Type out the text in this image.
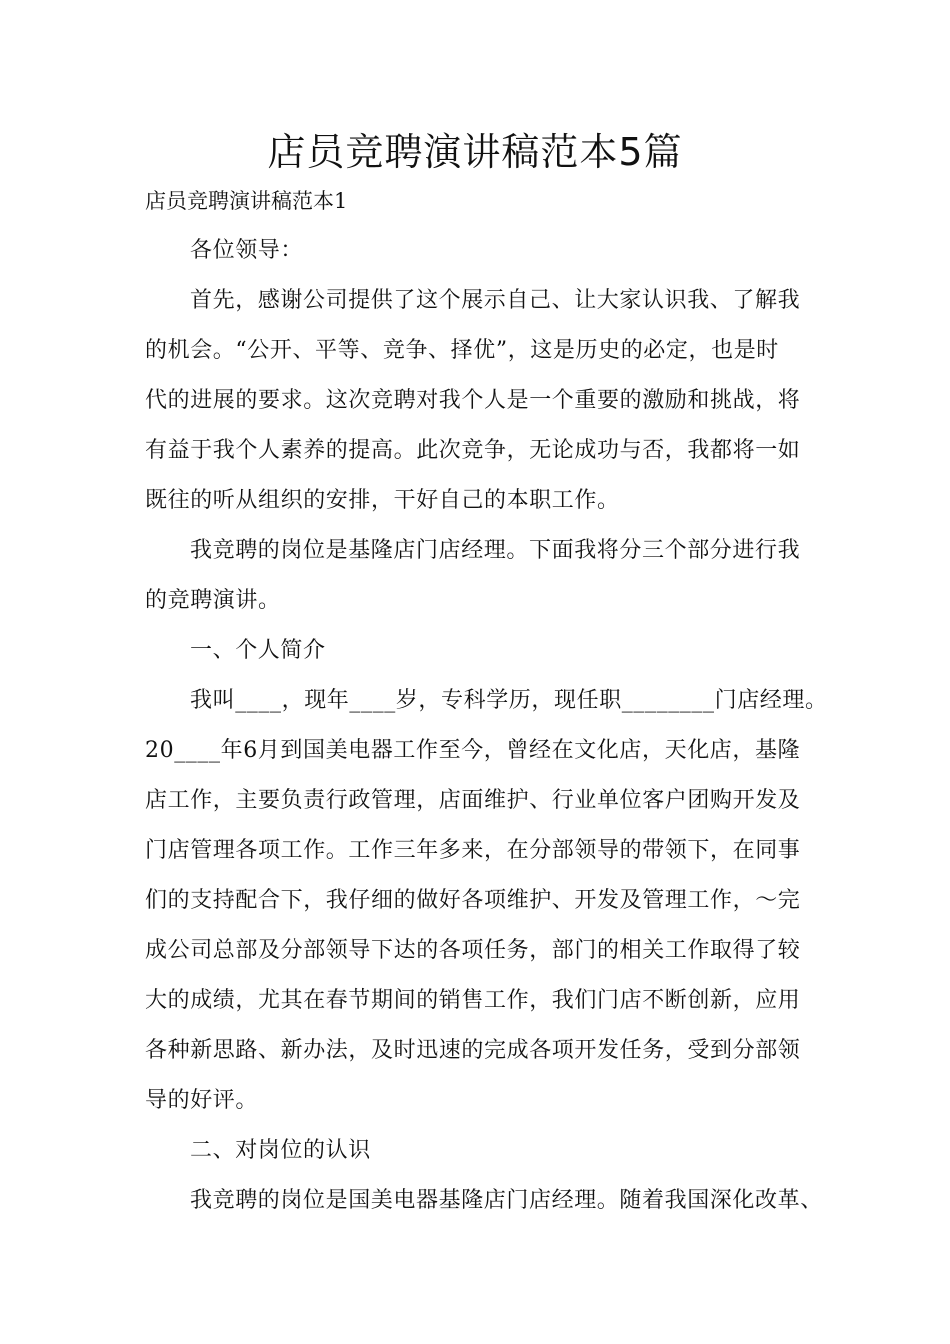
店员竞聘演讲稿范本5篇

店员竞聘演讲稿范本1

各位领导：

首先，感谢公司提供了这个展示自己、让大家认识我、了解我

的机会。“公开、平等、竞争、择优”，这是历史的必定，也是时

代的进展的要求。这次竞聘对我个人是一个重要的激励和挑战，将

有益于我个人素养的提高。此次竞争，无论成功与否，我都将一如

既往的听从组织的安排，干好自己的本职工作。

我竞聘的岗位是基隆店门店经理。下面我将分三个部分进行我

的竞聘演讲。

一、个人简介

我叫____，现年____岁，专科学历，现任职________门店经理。

20____年6月到国美电器工作至今，曾经在文化店，天化店，基隆

店工作，主要负责行政管理，店面维护、行业单位客户团购开发及

门店管理各项工作。工作三年多来，在分部领导的带领下，在同事

们的支持配合下，我仔细的做好各项维护、开发及管理工作，～完

成公司总部及分部领导下达的各项任务，部门的相关工作取得了较

大的成绩，尤其在春节期间的销售工作，我们门店不断创新，应用

各种新思路、新办法，及时迅速的完成各项开发任务，受到分部领

导的好评。

二、对岗位的认识

我竞聘的岗位是国美电器基隆店门店经理。随着我国深化改革、
